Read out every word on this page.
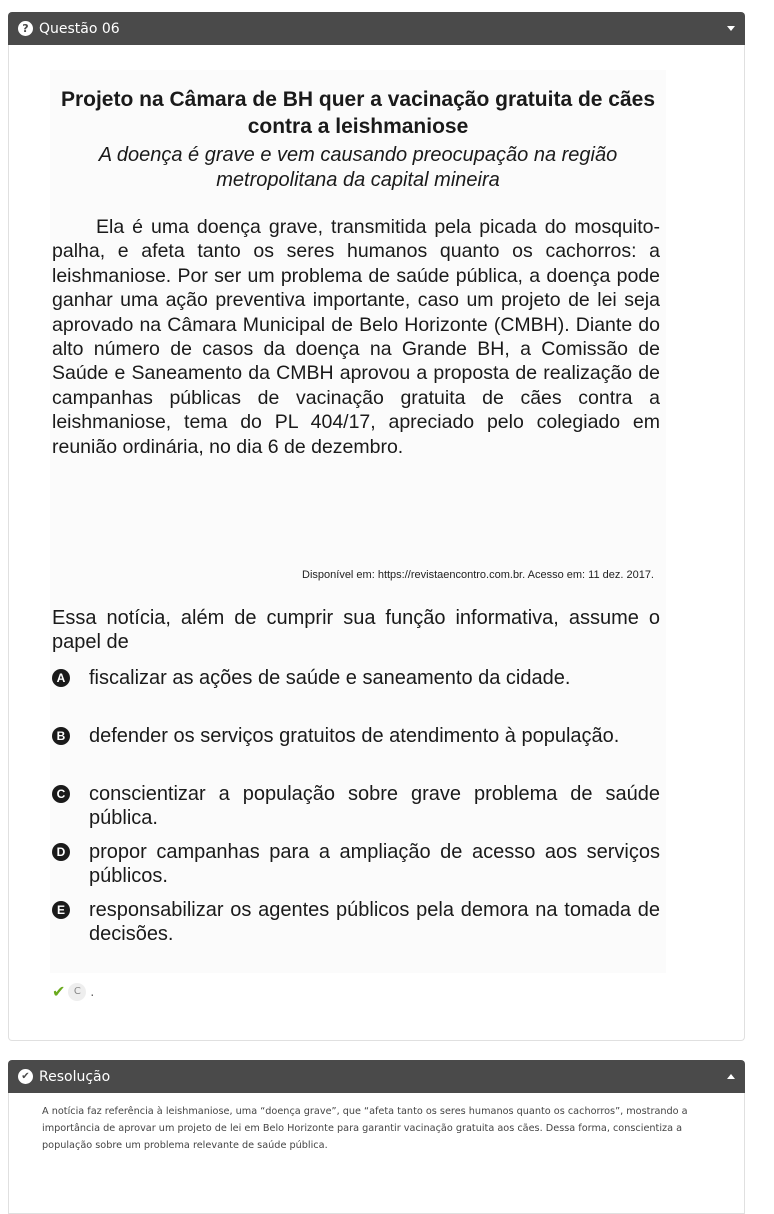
? Questão 06
Projeto na Câmara de BH quer a vacinação gratuita de cães contra a leishmaniose
A doença é grave e vem causando preocupação na região metropolitana da capital mineira
Ela é uma doença grave, transmitida pela picada do mosquito-palha, e afeta tanto os seres humanos quanto os cachorros: a leishmaniose. Por ser um problema de saúde pública, a doença pode ganhar uma ação preventiva importante, caso um projeto de lei seja aprovado na Câmara Municipal de Belo Horizonte (CMBH). Diante do alto número de casos da doença na Grande BH, a Comissão de Saúde e Saneamento da CMBH aprovou a proposta de realização de campanhas públicas de vacinação gratuita de cães contra a leishmaniose, tema do PL 404/17, apreciado pelo colegiado em reunião ordinária, no dia 6 de dezembro.
Disponível em: https://revistaencontro.com.br. Acesso em: 11 dez. 2017.
Essa notícia, além de cumprir sua função informativa, assume o papel de
A fiscalizar as ações de saúde e saneamento da cidade.
B defender os serviços gratuitos de atendimento à população.
C conscientizar a população sobre grave problema de saúde pública.
D propor campanhas para a ampliação de acesso aos serviços públicos.
E responsabilizar os agentes públicos pela demora na tomada de decisões.
✔ C .
✔ Resolução
A notícia faz referência à leishmaniose, uma “doença grave”, que “afeta tanto os seres humanos quanto os cachorros”, mostrando a importância de aprovar um projeto de lei em Belo Horizonte para garantir vacinação gratuita aos cães. Dessa forma, conscientiza a população sobre um problema relevante de saúde pública.
